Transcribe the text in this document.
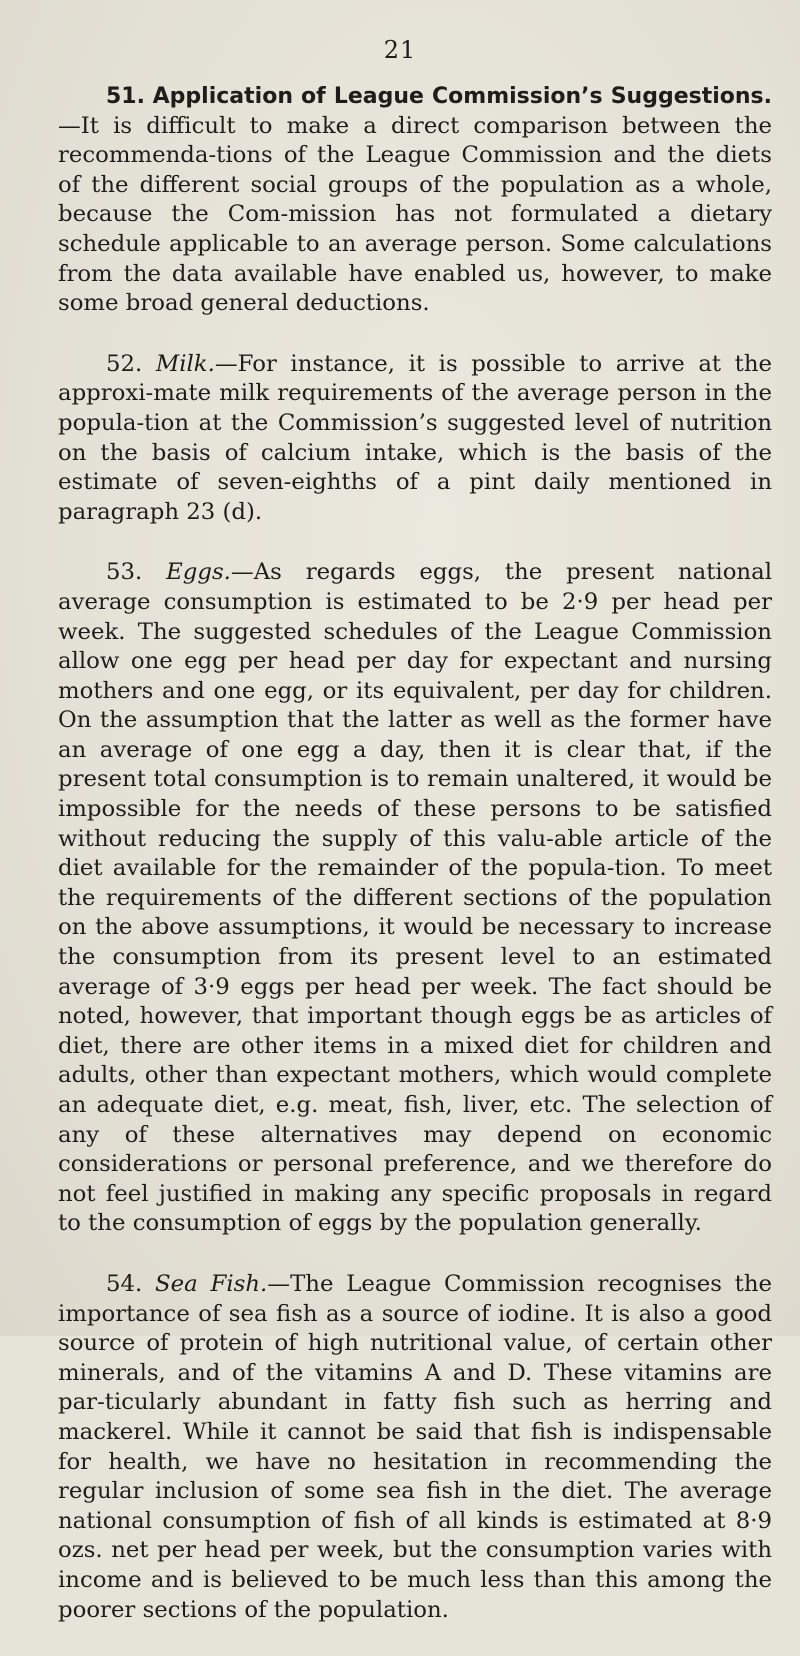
21

51. Application of League Commission’s Suggestions.—It is difficult to make a direct comparison between the recommenda-tions of the League Commission and the diets of the different social groups of the population as a whole, because the Com-mission has not formulated a dietary schedule applicable to an average person. Some calculations from the data available have enabled us, however, to make some broad general deductions.

52. Milk.—For instance, it is possible to arrive at the approxi-mate milk requirements of the average person in the popula-tion at the Commission’s suggested level of nutrition on the basis of calcium intake, which is the basis of the estimate of seven-eighths of a pint daily mentioned in paragraph 23 (d).

53. Eggs.—As regards eggs, the present national average consumption is estimated to be 2·9 per head per week. The suggested schedules of the League Commission allow one egg per head per day for expectant and nursing mothers and one egg, or its equivalent, per day for children. On the assumption that the latter as well as the former have an average of one egg a day, then it is clear that, if the present total consumption is to remain unaltered, it would be impossible for the needs of these persons to be satisfied without reducing the supply of this valu-able article of the diet available for the remainder of the popula-tion. To meet the requirements of the different sections of the population on the above assumptions, it would be necessary to increase the consumption from its present level to an estimated average of 3·9 eggs per head per week. The fact should be noted, however, that important though eggs be as articles of diet, there are other items in a mixed diet for children and adults, other than expectant mothers, which would complete an adequate diet, e.g. meat, fish, liver, etc. The selection of any of these alternatives may depend on economic considerations or personal preference, and we therefore do not feel justified in making any specific proposals in regard to the consumption of eggs by the population generally.

54. Sea Fish.—The League Commission recognises the importance of sea fish as a source of iodine. It is also a good source of protein of high nutritional value, of certain other minerals, and of the vitamins A and D. These vitamins are par-ticularly abundant in fatty fish such as herring and mackerel. While it cannot be said that fish is indispensable for health, we have no hesitation in recommending the regular inclusion of some sea fish in the diet. The average national consumption of fish of all kinds is estimated at 8·9 ozs. net per head per week, but the consumption varies with income and is believed to be much less than this among the poorer sections of the population.
